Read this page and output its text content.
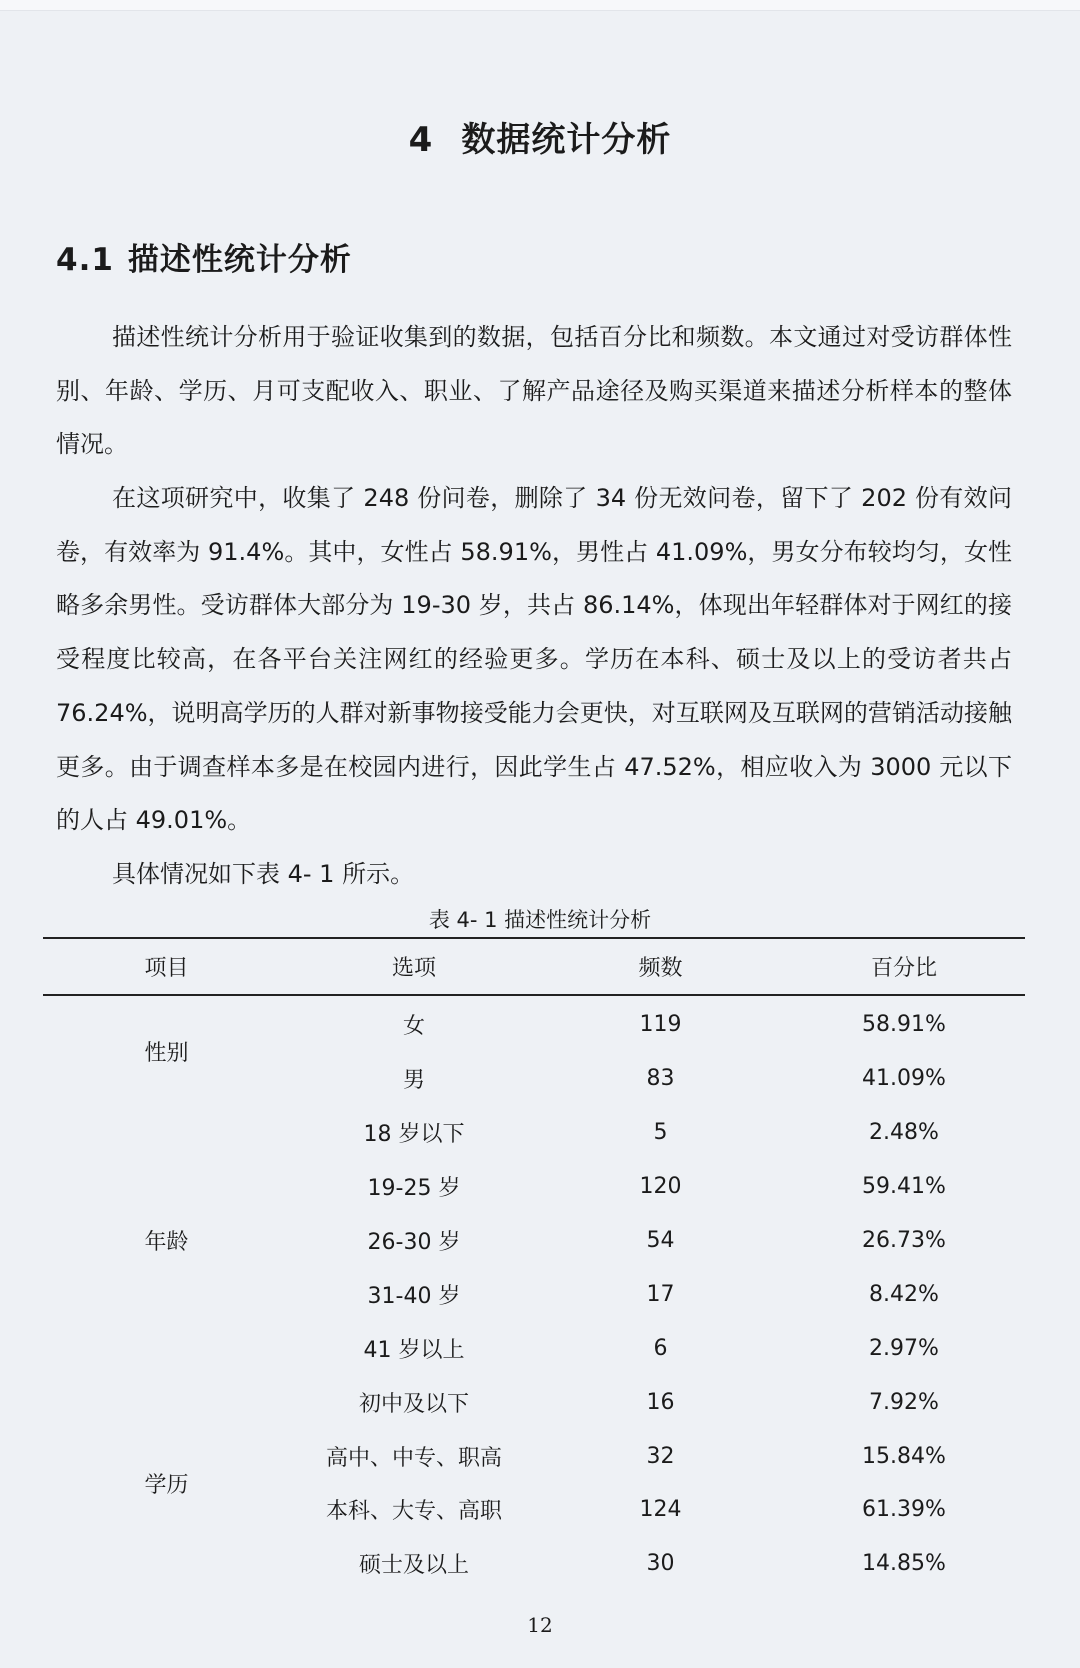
4 数据统计分析
4.1 描述性统计分析

描述性统计分析用于验证收集到的数据，包括百分比和频数。本文通过对受访群体性别、年龄、学历、月可支配收入、职业、了解产品途径及购买渠道来描述分析样本的整体情况。

在这项研究中，收集了 248 份问卷，删除了 34 份无效问卷，留下了 202 份有效问卷，有效率为 91.4%。其中，女性占 58.91%，男性占 41.09%，男女分布较均匀，女性略多余男性。受访群体大部分为 19-30 岁，共占 86.14%，体现出年轻群体对于网红的接受程度比较高，在各平台关注网红的经验更多。学历在本科、硕士及以上的受访者共占 76.24%，说明高学历的人群对新事物接受能力会更快，对互联网及互联网的营销活动接触更多。由于调查样本多是在校园内进行，因此学生占 47.52%，相应收入为 3000 元以下的人占 49.01%。

具体情况如下表 4- 1 所示。

表 4- 1 描述性统计分析
项目	选项	频数	百分比
性别
女	119	58.91%
男	83	41.09%
年龄
18 岁以下	5	2.48%
19-25 岁	120	59.41%
26-30 岁	54	26.73%
31-40 岁	17	8.42%
41 岁以上	6	2.97%
学历
初中及以下	16	7.92%
高中、中专、职高	32	15.84%
本科、大专、高职	124	61.39%
硕士及以上	30	14.85%
12
